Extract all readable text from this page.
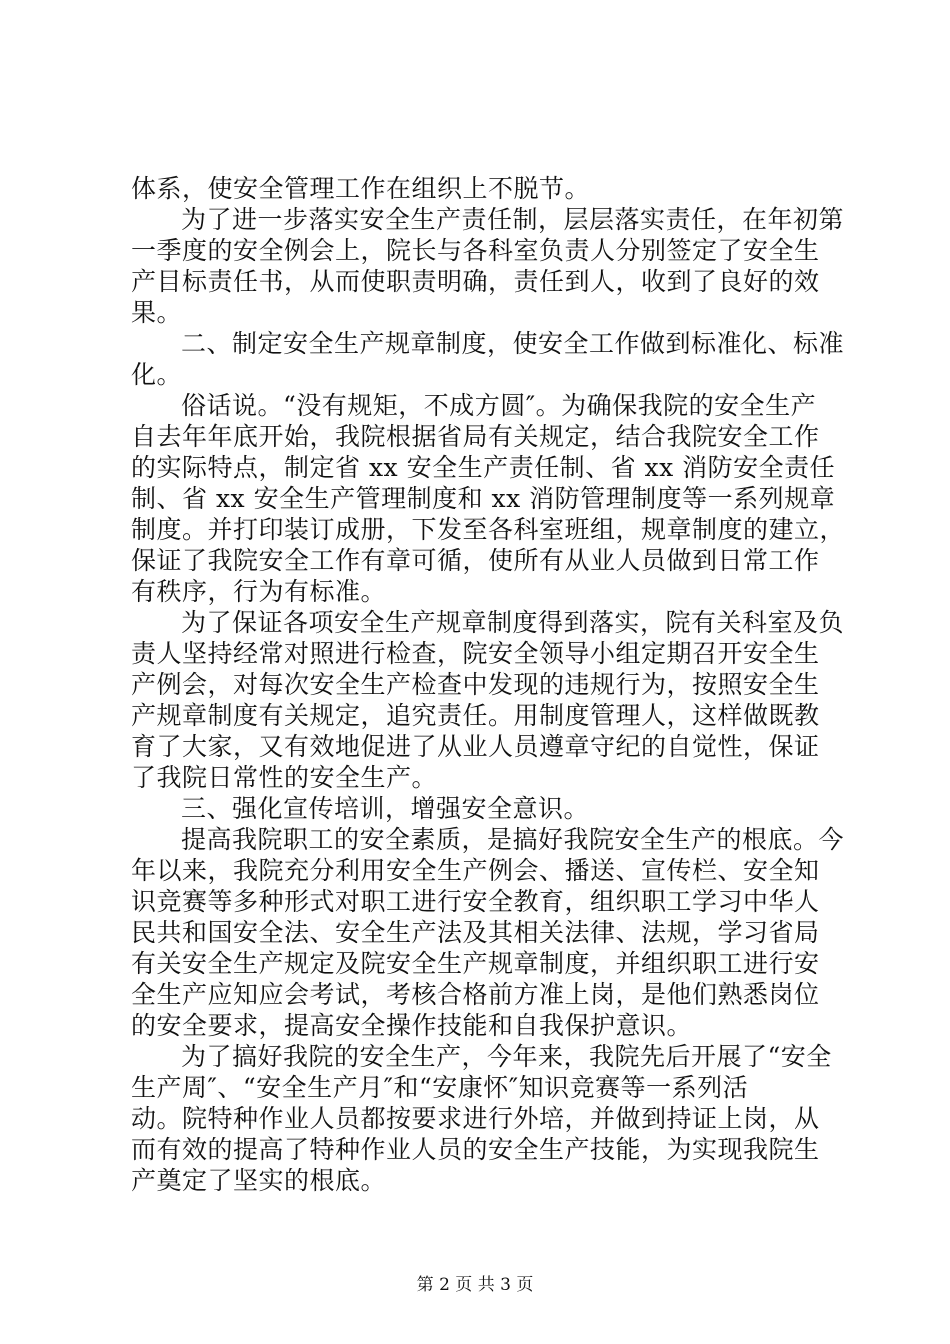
体系，使安全管理工作在组织上不脱节。
为了进一步落实安全生产责任制，层层落实责任，在年初第
一季度的安全例会上，院长与各科室负责人分别签定了安全生
产目标责任书，从而使职责明确，责任到人，收到了良好的效
果。
二、制定安全生产规章制度，使安全工作做到标准化、标准
化。
俗话说。“没有规矩，不成方圆″。为确保我院的安全生产
自去年年底开始，我院根据省局有关规定，结合我院安全工作
的实际特点，制定省 xx 安全生产责任制、省 xx 消防安全责任
制、省 xx 安全生产管理制度和 xx 消防管理制度等一系列规章
制度。并打印装订成册，下发至各科室班组，规章制度的建立，
保证了我院安全工作有章可循，使所有从业人员做到日常工作
有秩序，行为有标准。
为了保证各项安全生产规章制度得到落实，院有关科室及负
责人坚持经常对照进行检查，院安全领导小组定期召开安全生
产例会，对每次安全生产检查中发现的违规行为，按照安全生
产规章制度有关规定，追究责任。用制度管理人，这样做既教
育了大家，又有效地促进了从业人员遵章守纪的自觉性，保证
了我院日常性的安全生产。
三、强化宣传培训，增强安全意识。
提高我院职工的安全素质，是搞好我院安全生产的根底。今
年以来，我院充分利用安全生产例会、播送、宣传栏、安全知
识竞赛等多种形式对职工进行安全教育，组织职工学习中华人
民共和国安全法、安全生产法及其相关法律、法规，学习省局
有关安全生产规定及院安全生产规章制度，并组织职工进行安
全生产应知应会考试，考核合格前方准上岗，是他们熟悉岗位
的安全要求，提高安全操作技能和自我保护意识。
为了搞好我院的安全生产，今年来，我院先后开展了“安全
生产周″、“安全生产月″和“安康怀″知识竞赛等一系列活
动。院特种作业人员都按要求进行外培，并做到持证上岗，从
而有效的提高了特种作业人员的安全生产技能，为实现我院生
产奠定了坚实的根底。
第 2 页 共 3 页
